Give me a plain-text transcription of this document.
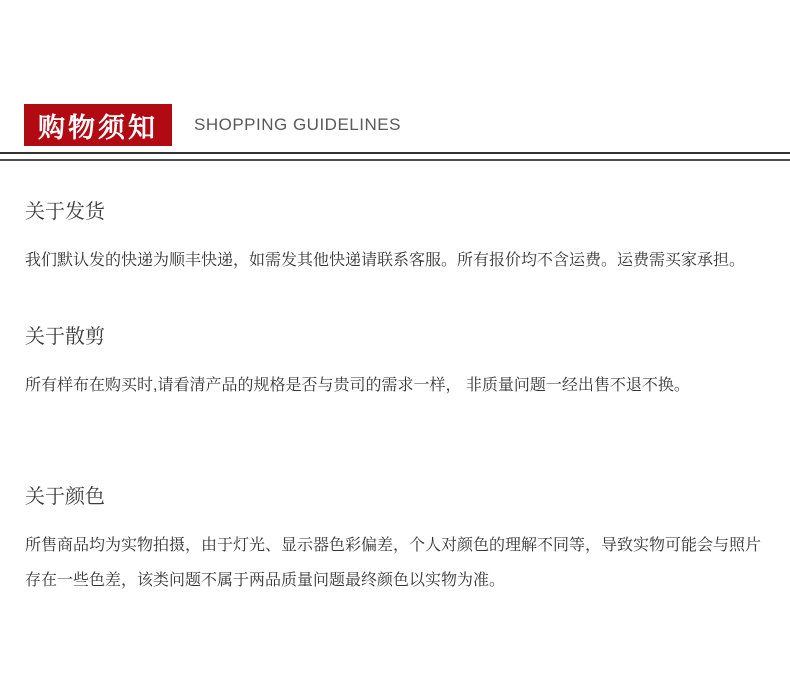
购物须知	SHOPPING GUIDELINES
关于发货

我们默认发的快递为顺丰快递，如需发其他快递请联系客服。所有报价均不含运费。运费需买家承担。

关于散剪

所有样布在购买时,请看清产品的规格是否与贵司的需求一样， 非质量问题一经出售不退不换。

关于颜色

所售商品均为实物拍摄，由于灯光、显示器色彩偏差，个人对颜色的理解不同等，导致实物可能会与照片存在一些色差，该类问题不属于两品质量问题最终颜色以实物为准。
